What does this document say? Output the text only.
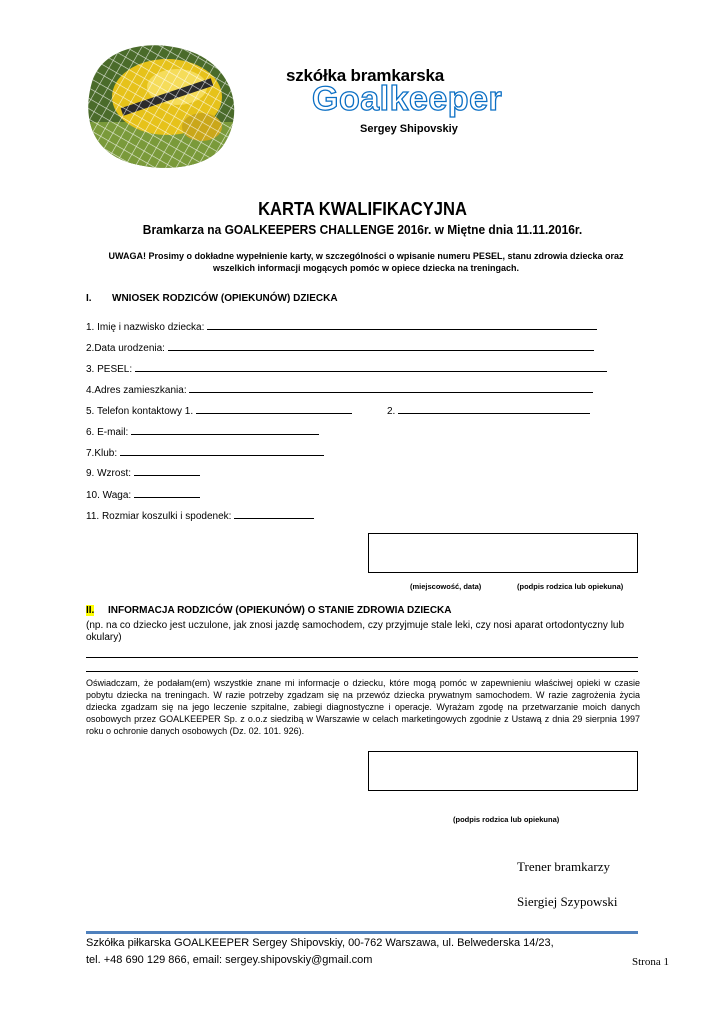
szkółka bramkarska
Goalkeeper
Sergey Shipovskiy
KARTA KWALIFIKACYJNA
Bramkarza na GOALKEEPERS CHALLENGE 2016r. w Miętne dnia 11.11.2016r.
UWAGA! Prosimy o dokładne wypełnienie karty, w szczególności o wpisanie numeru PESEL, stanu zdrowia dziecka oraz wszelkich informacji mogących pomóc w opiece dziecka na treningach.
I. WNIOSEK RODZICÓW (OPIEKUNÓW) DZIECKA
1. Imię i nazwisko dziecka:
2.Data urodzenia:
3. PESEL:
4.Adres zamieszkania:
5. Telefon kontaktowy 1.	2.
6. E-mail:
7.Klub:
9. Wzrost:
10. Waga:
11. Rozmiar koszulki i spodenek:
(miejscowość, data)	(podpis rodzica lub opiekuna)
II. INFORMACJA RODZICÓW (OPIEKUNÓW) O STANIE ZDROWIA DZIECKA
(np. na co dziecko jest uczulone, jak znosi jazdę samochodem, czy przyjmuje stale leki, czy nosi aparat ortodontyczny lub okulary)
Oświadczam, że podałam(em) wszystkie znane mi informacje o dziecku, które mogą pomóc w zapewnieniu właściwej opieki w czasie pobytu dziecka na treningach. W razie potrzeby zgadzam się na przewóz dziecka prywatnym samochodem. W razie zagrożenia życia dziecka zgadzam się na jego leczenie szpitalne, zabiegi diagnostyczne i operacje. Wyrażam zgodę na przetwarzanie moich danych osobowych przez GOALKEEPER Sp. z o.o.z siedzibą w Warszawie w celach marketingowych zgodnie z Ustawą z dnia 29 sierpnia 1997 roku o ochronie danych osobowych (Dz. 02. 101. 926).
(podpis rodzica lub opiekuna)
Trener bramkarzy
Siergiej Szypowski
Szkółka piłkarska GOALKEEPER Sergey Shipovskiy, 00-762 Warszawa, ul. Belwederska 14/23,
tel. +48 690 129 866, email: sergey.shipovskiy@gmail.com	Strona 1
